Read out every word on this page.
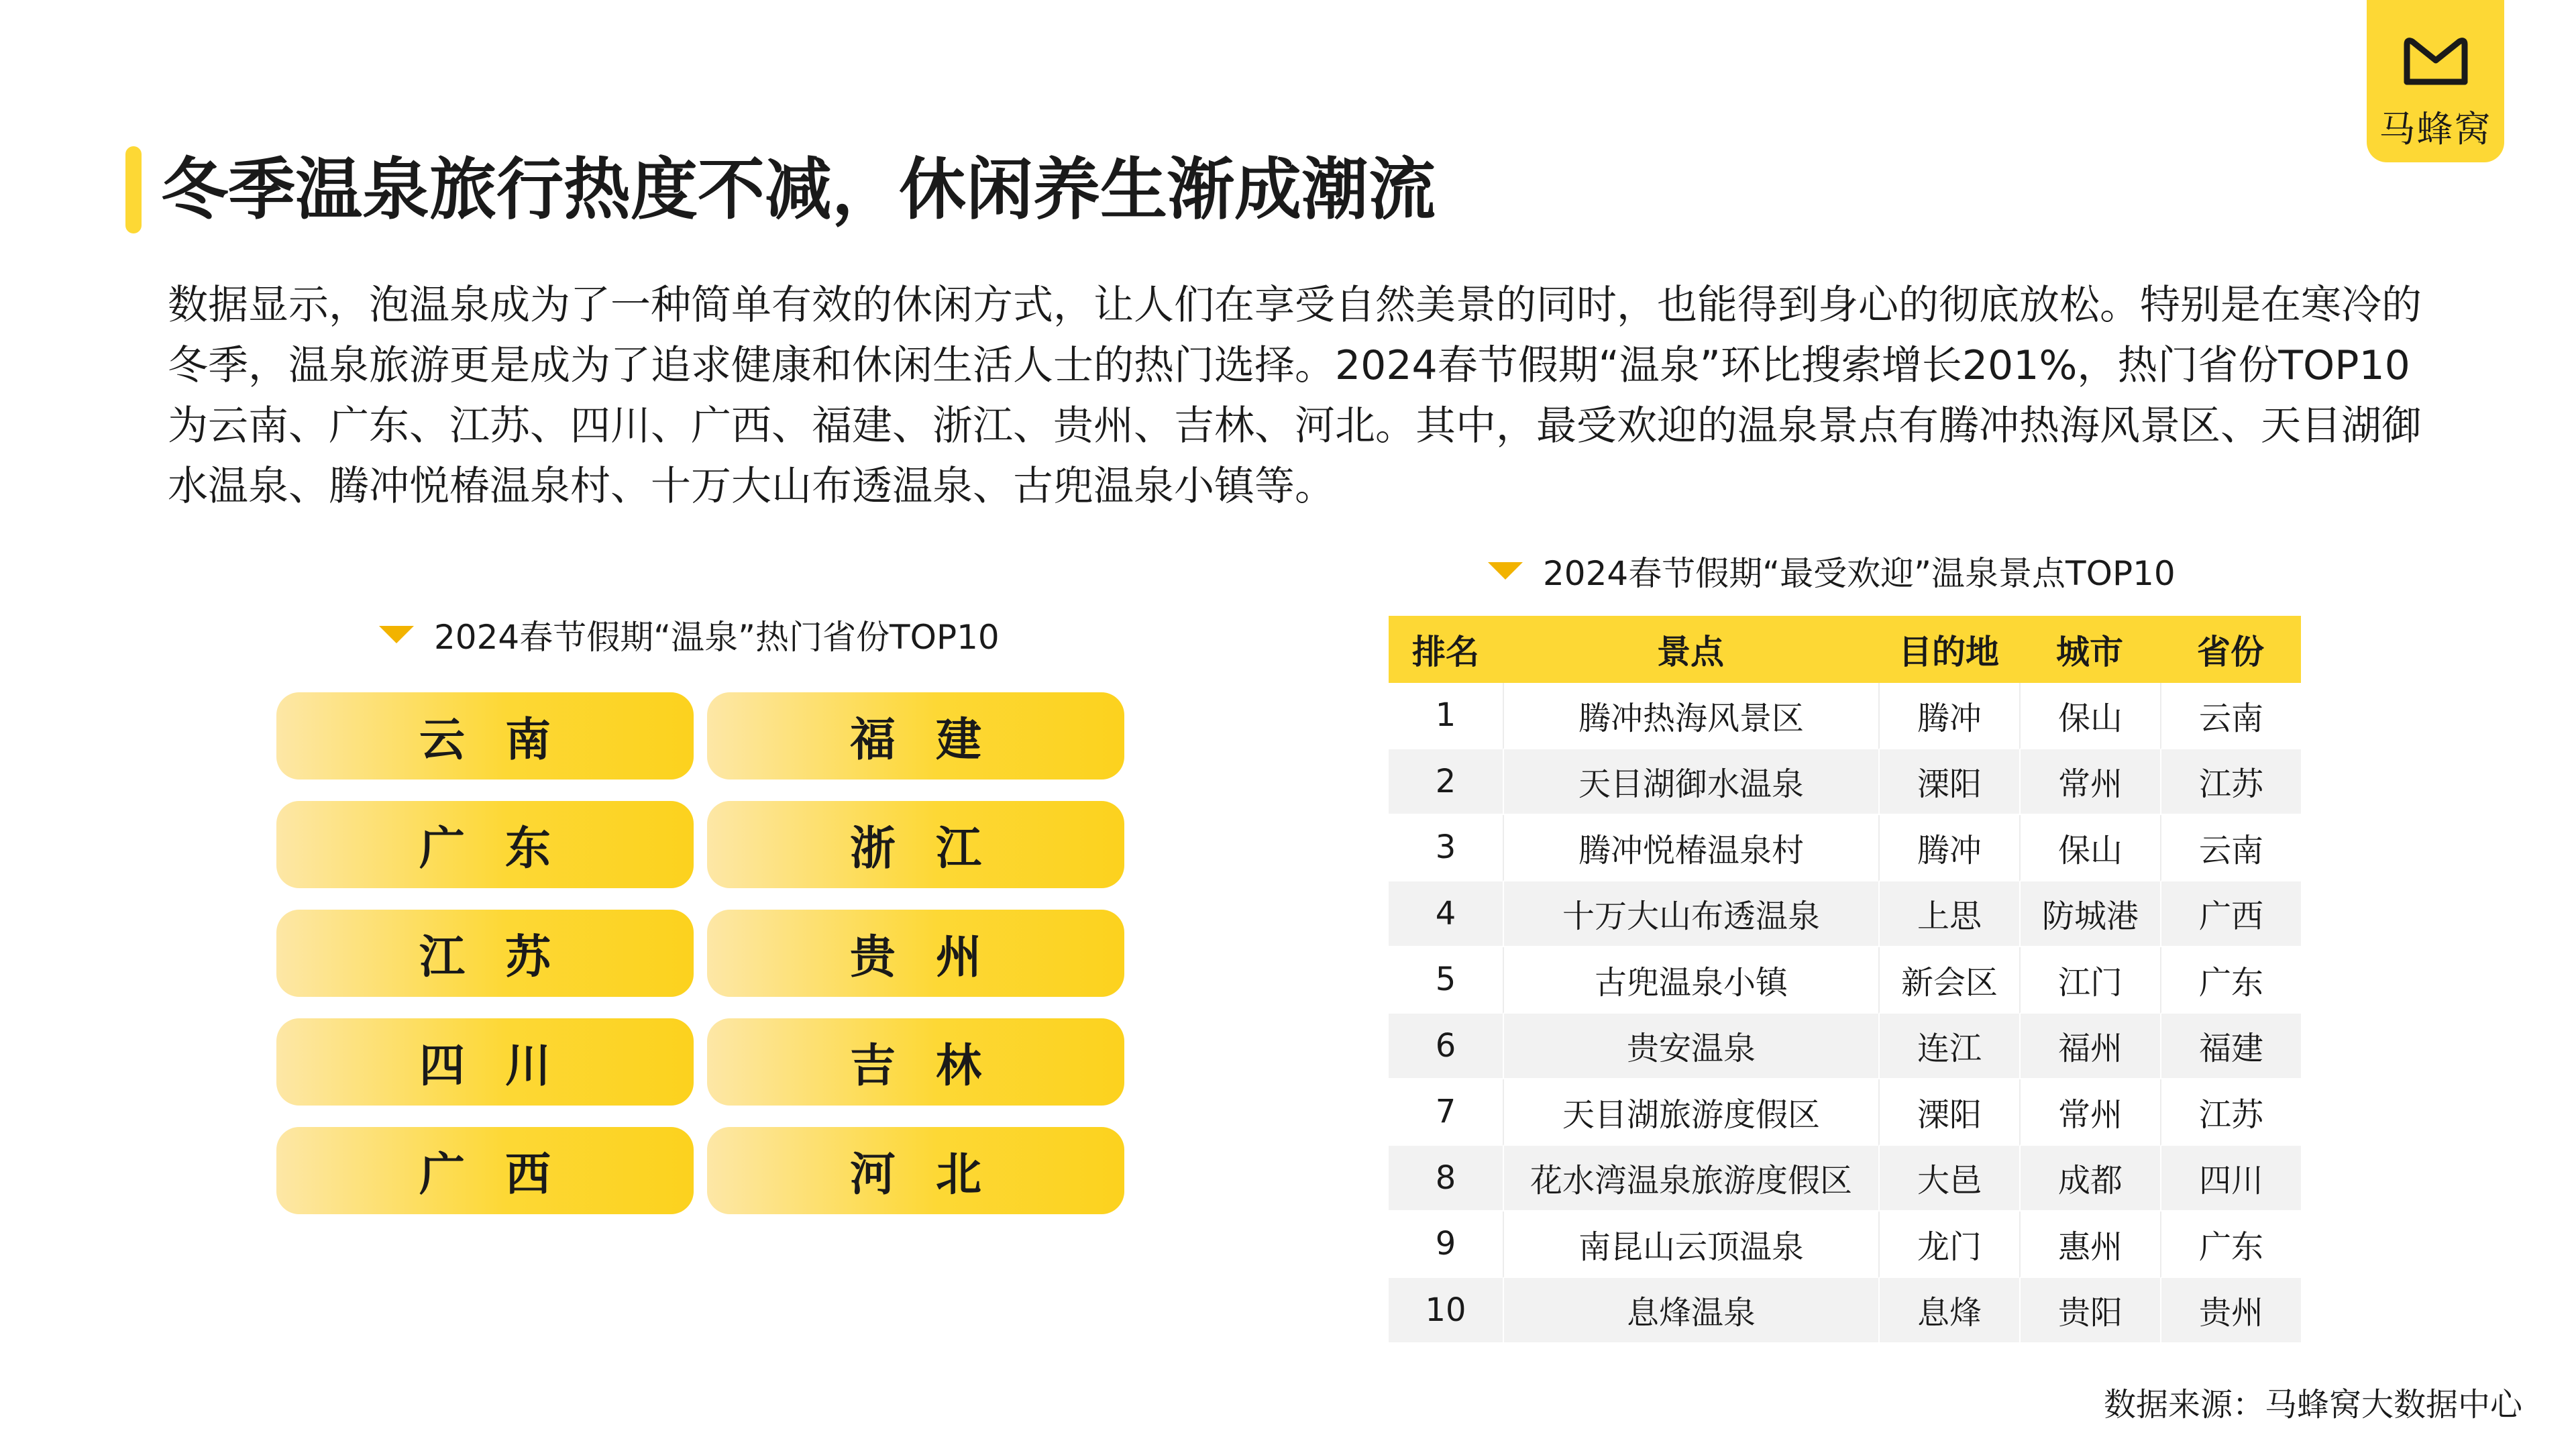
马蜂窝
冬季温泉旅行热度不减，休闲养生渐成潮流

数据显示，泡温泉成为了一种简单有效的休闲方式，让人们在享受自然美景的同时，也能得到身心的彻底放松。特别是在寒冷的冬季，温泉旅游更是成为了追求健康和休闲生活人士的热门选择。2024春节假期“温泉”环比搜索增长201%，热门省份TOP10为云南、广东、江苏、四川、广西、福建、浙江、贵州、吉林、河北。其中，最受欢迎的温泉景点有腾冲热海风景区、天目湖御水温泉、腾冲悦椿温泉村、十万大山布透温泉、古兜温泉小镇等。

2024春节假期“温泉”热门省份TOP10
云南	福建
广东	浙江
江苏	贵州
四川	吉林
广西	河北
2024春节假期“最受欢迎”温泉景点TOP10
排名	景点	目的地	城市	省份
1	腾冲热海风景区	腾冲	保山	云南
2	天目湖御水温泉	溧阳	常州	江苏
3	腾冲悦椿温泉村	腾冲	保山	云南
4	十万大山布透温泉	上思	防城港	广西
5	古兜温泉小镇	新会区	江门	广东
6	贵安温泉	连江	福州	福建
7	天目湖旅游度假区	溧阳	常州	江苏
8	花水湾温泉旅游度假区	大邑	成都	四川
9	南昆山云顶温泉	龙门	惠州	广东
10	息烽温泉	息烽	贵阳	贵州
数据来源：马蜂窝大数据中心
